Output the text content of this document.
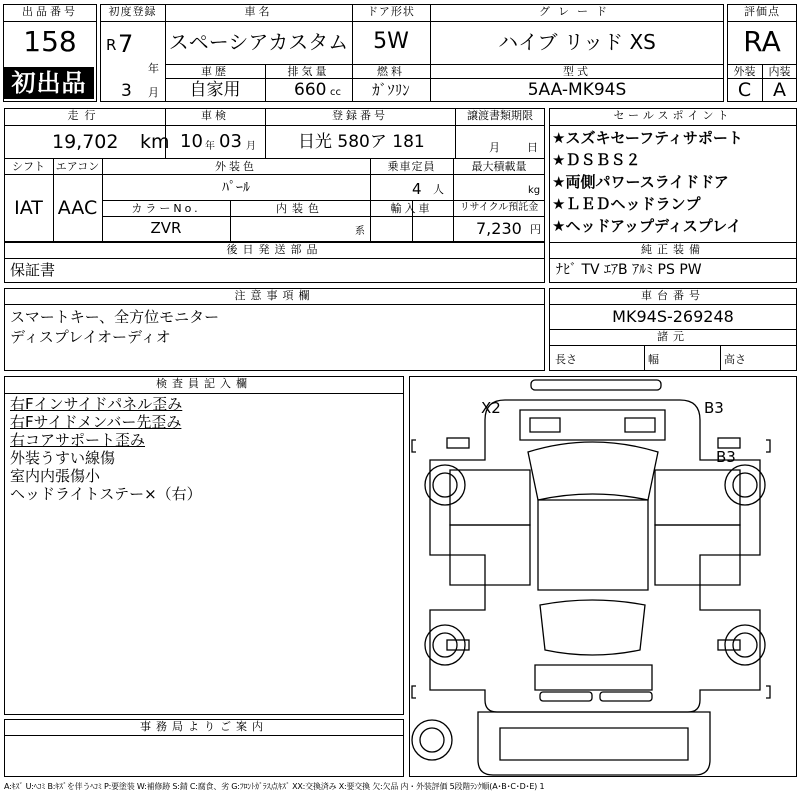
出品番号
158
初出品
初度登録
R 7
年
3 月
車名
スペーシアカスタム
ドア形状
5W
グレード
ハイブ リッド XS
評価点
RA
車歴
自家用
排気量
660 cc
燃料
ｶﾞｿﾘﾝ
型式
5AA-MK94S
外装
C
内装
A
走行
19,702 km
車検
10 年 03 月
登録番号
日光 580ア 181
譲渡書類期限
月 日
シフト
IAT
エアコン
AAC
外装色
ﾊﾟｰﾙ
乗車定員
4 人
最大積載量
kg
カラーNo.
ZVR
内装色
系
輸入車	リサイクル預託金
7,230 円
後日発送部品
保証書
セールスポイント
★スズキセーフティサポート
★ＤＳＢＳ２
★両側パワースライドドア
★ＬＥＤヘッドランプ
★ヘッドアップディスプレイ
純正装備
ﾅﾋﾞ TV ｴｱB ｱﾙﾐ PS PW
注意事項欄
スマートキー、全方位モニター
ディスプレイオーディオ
車台番号
MK94S-269248
諸元
長さ	幅	高さ
検査員記入欄
右Fインサイドパネル歪み
右Fサイドメンバー先歪み
右コアサポート歪み
外装うすい線傷
室内内張傷小
ヘッドライトステー×（右）
事務局よりご案内
X2	B3
B3
A:ｷｽﾞ U:ﾍｺﾐ B:ｷｽﾞを伴うﾍｺﾐ P:要塗装 W:補修跡 S:錆 C:腐食、劣 G:ﾌﾛﾝﾄｶﾞﾗｽ点ｷｽﾞ XX:交換済み X:要交換 欠:欠品 内・外装評価 5段階ﾗﾝｸ順(A･B･C･D･E) 1
